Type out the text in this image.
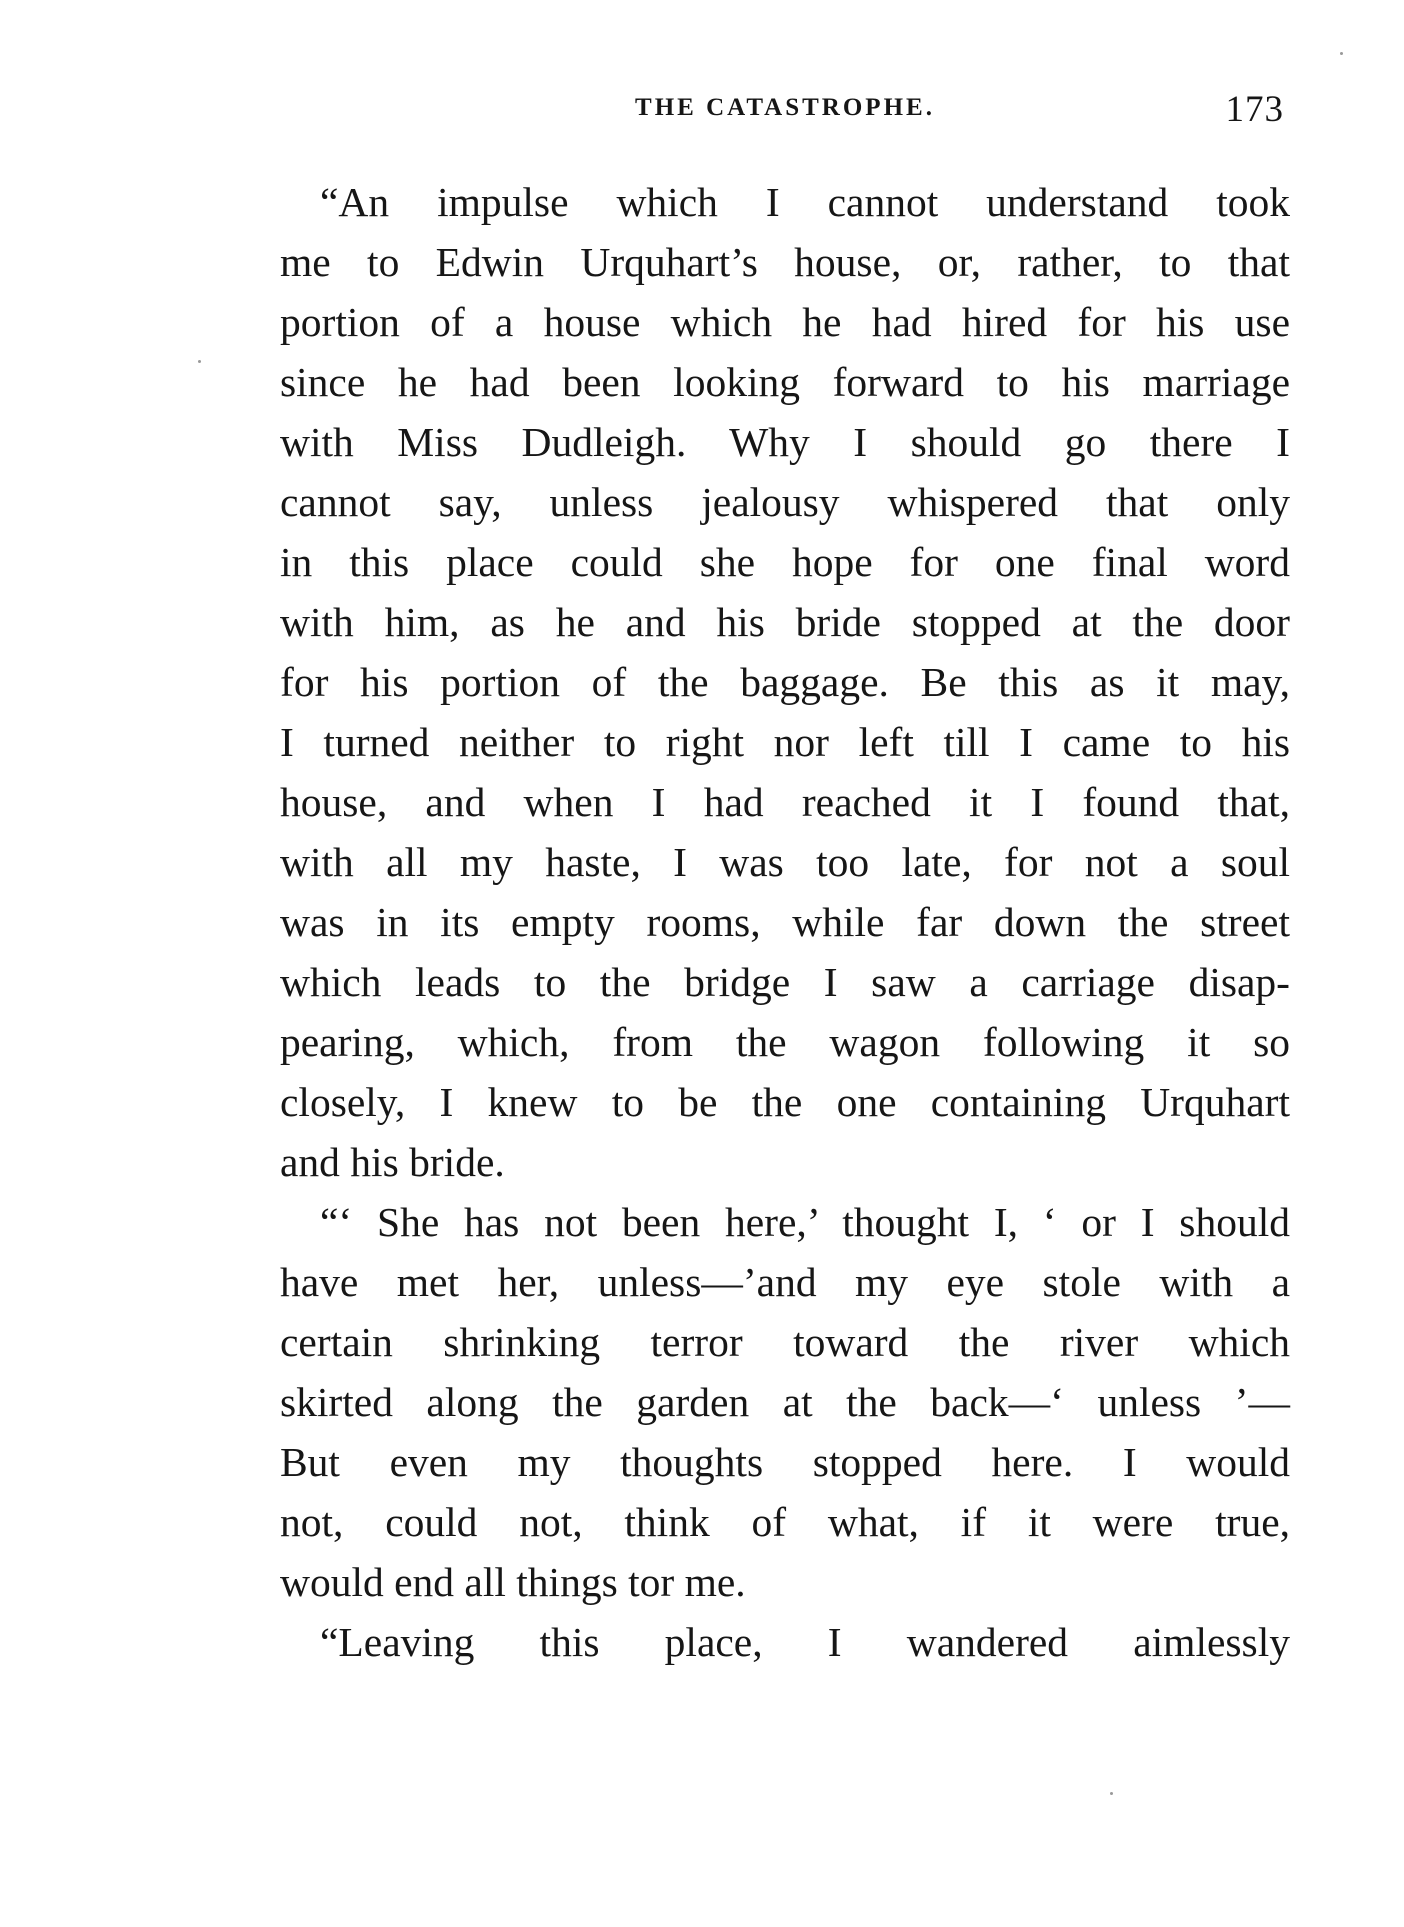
THE CATASTROPHE.	173
“An impulse which I cannot understand took
me to Edwin Urquhart’s house, or, rather, to that
portion of a house which he had hired for his use
since he had been looking forward to his marriage
with Miss Dudleigh. Why I should go there I
cannot say, unless jealousy whispered that only
in this place could she hope for one final word
with him, as he and his bride stopped at the door
for his portion of the baggage. Be this as it may,
I turned neither to right nor left till I came to his
house, and when I had reached it I found that,
with all my haste, I was too late, for not a soul
was in its empty rooms, while far down the street
which leads to the bridge I saw a carriage disap-
pearing, which, from the wagon following it so
closely, I knew to be the one containing Urquhart
and his bride.
“‘ She has not been here,’ thought I, ‘ or I should
have met her, unless—’and my eye stole with a
certain shrinking terror toward the river which
skirted along the garden at the back—‘ unless ’—
But even my thoughts stopped here. I would
not, could not, think of what, if it were true,
would end all things tor me.
“Leaving this place, I wandered aimlessly
